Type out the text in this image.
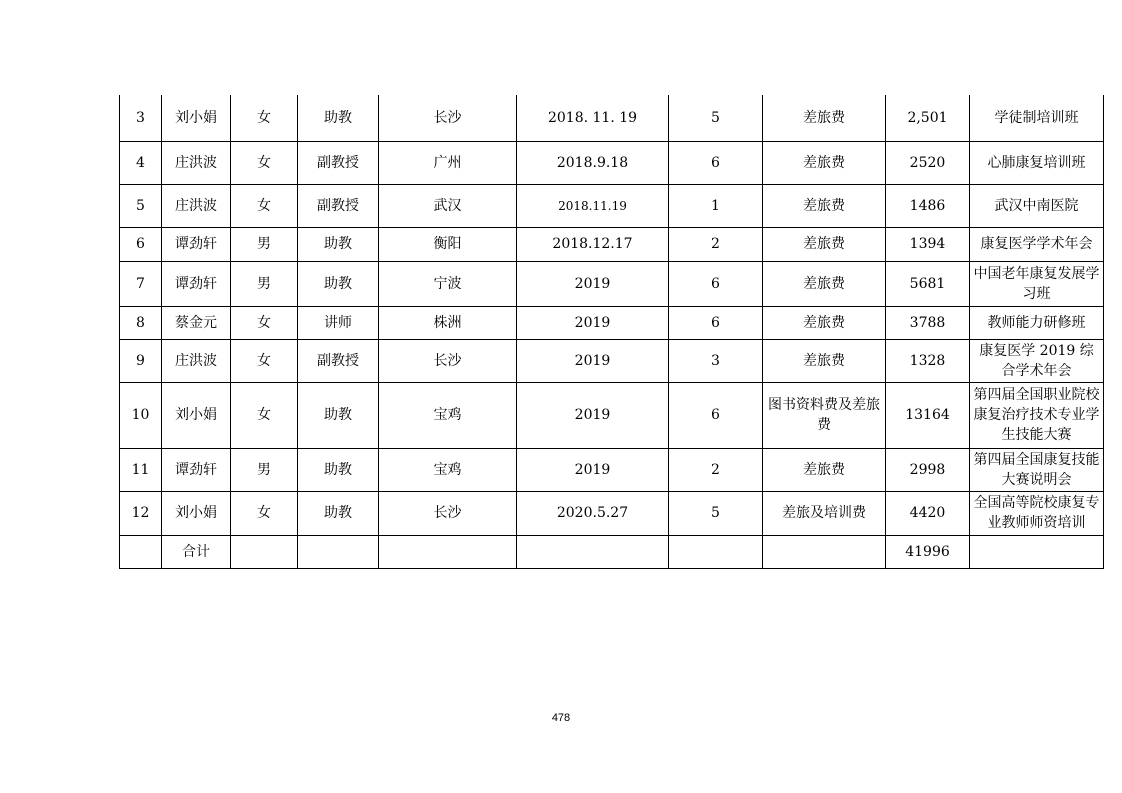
3	刘小娟	女	助教	长沙	2018. 11. 19	5	差旅费	2,501	学徒制培训班
4	庄洪波	女	副教授	广州	2018.9.18	6	差旅费	2520	心肺康复培训班
5	庄洪波	女	副教授	武汉	2018.11.19	1	差旅费	1486	武汉中南医院
6	谭劲轩	男	助教	衡阳	2018.12.17	2	差旅费	1394	康复医学学术年会
7	谭劲轩	男	助教	宁波	2019	6	差旅费	5681	中国老年康复发展学习班
8	蔡金元	女	讲师	株洲	2019	6	差旅费	3788	教师能力研修班
9	庄洪波	女	副教授	长沙	2019	3	差旅费	1328	康复医学 2019 综合学术年会
10	刘小娟	女	助教	宝鸡	2019	6	图书资料费及差旅费	13164	第四届全国职业院校康复治疗技术专业学生技能大赛
11	谭劲轩	男	助教	宝鸡	2019	2	差旅费	2998	第四届全国康复技能大赛说明会
12	刘小娟	女	助教	长沙	2020.5.27	5	差旅及培训费	4420	全国高等院校康复专业教师师资培训
	合计							41996	
478
